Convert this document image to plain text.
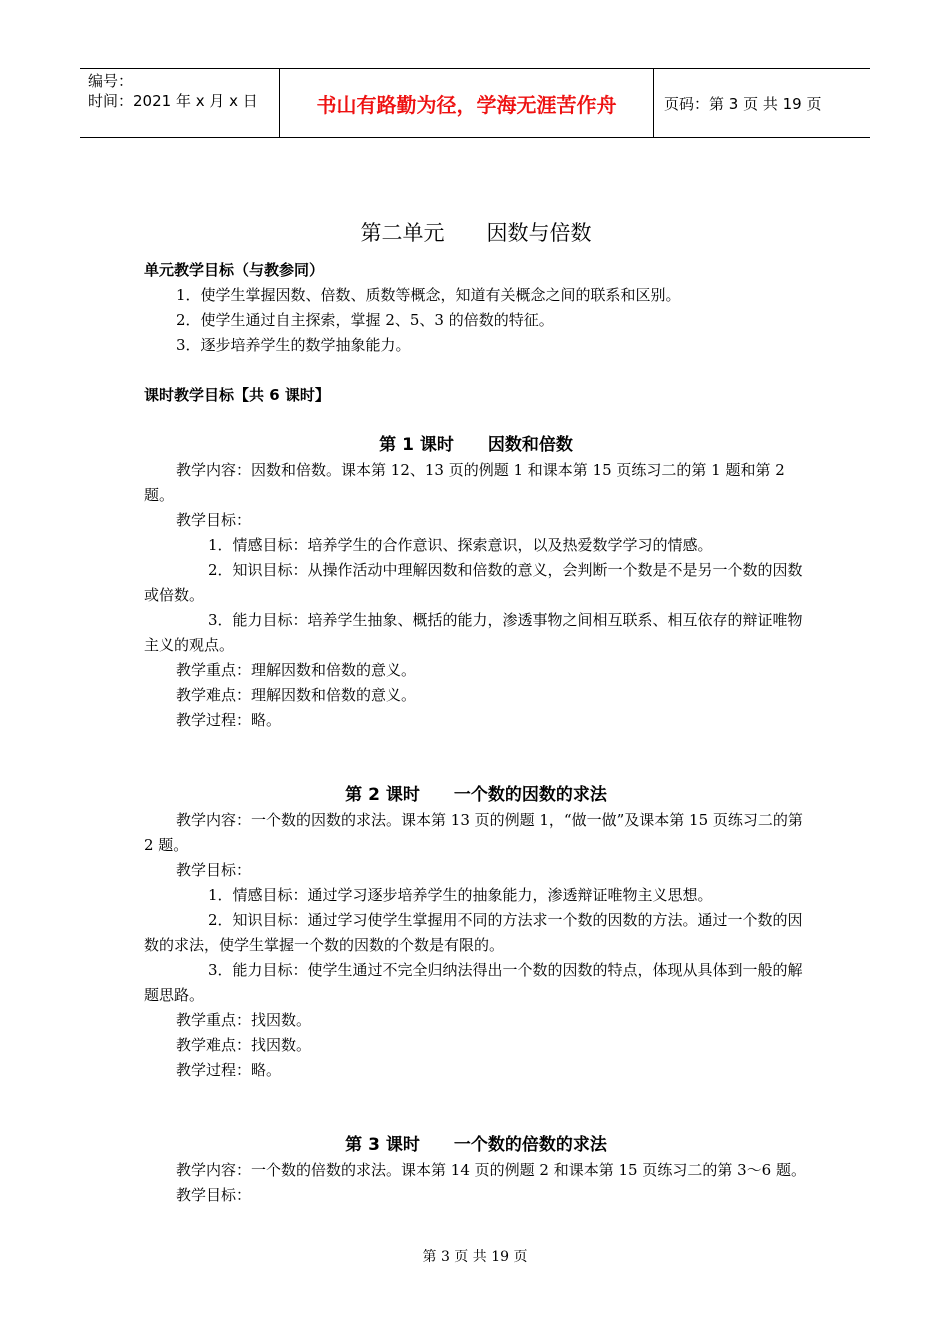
编号：
时间：2021 年 x 月 x 日	书山有路勤为径，学海无涯苦作舟	页码：第 3 页 共 19 页

第二单元　　因数与倍数

单元教学目标（与教参同）

1．使学生掌握因数、倍数、质数等概念，知道有关概念之间的联系和区别。

2．使学生通过自主探索，掌握 2、5、3 的倍数的特征。

3．逐步培养学生的数学抽象能力。

课时教学目标【共 6 课时】

第 1 课时　　因数和倍数

教学内容：因数和倍数。课本第 12、13 页的例题 1 和课本第 15 页练习二的第 1 题和第 2 题。

教学目标：

1．情感目标：培养学生的合作意识、探索意识，以及热爱数学学习的情感。

2．知识目标：从操作活动中理解因数和倍数的意义，会判断一个数是不是另一个数的因数或倍数。

3．能力目标：培养学生抽象、概括的能力，渗透事物之间相互联系、相互依存的辩证唯物主义的观点。

教学重点：理解因数和倍数的意义。

教学难点：理解因数和倍数的意义。

教学过程：略。

第 2 课时　　一个数的因数的求法

教学内容：一个数的因数的求法。课本第 13 页的例题 1，“做一做”及课本第 15 页练习二的第 2 题。

教学目标：

1．情感目标：通过学习逐步培养学生的抽象能力，渗透辩证唯物主义思想。

2．知识目标：通过学习使学生掌握用不同的方法求一个数的因数的方法。通过一个数的因数的求法，使学生掌握一个数的因数的个数是有限的。

3．能力目标：使学生通过不完全归纳法得出一个数的因数的特点，体现从具体到一般的解题思路。

教学重点：找因数。

教学难点：找因数。

教学过程：略。

第 3 课时　　一个数的倍数的求法

教学内容：一个数的倍数的求法。课本第 14 页的例题 2 和课本第 15 页练习二的第 3～6 题。

教学目标：

第 3 页 共 19 页
